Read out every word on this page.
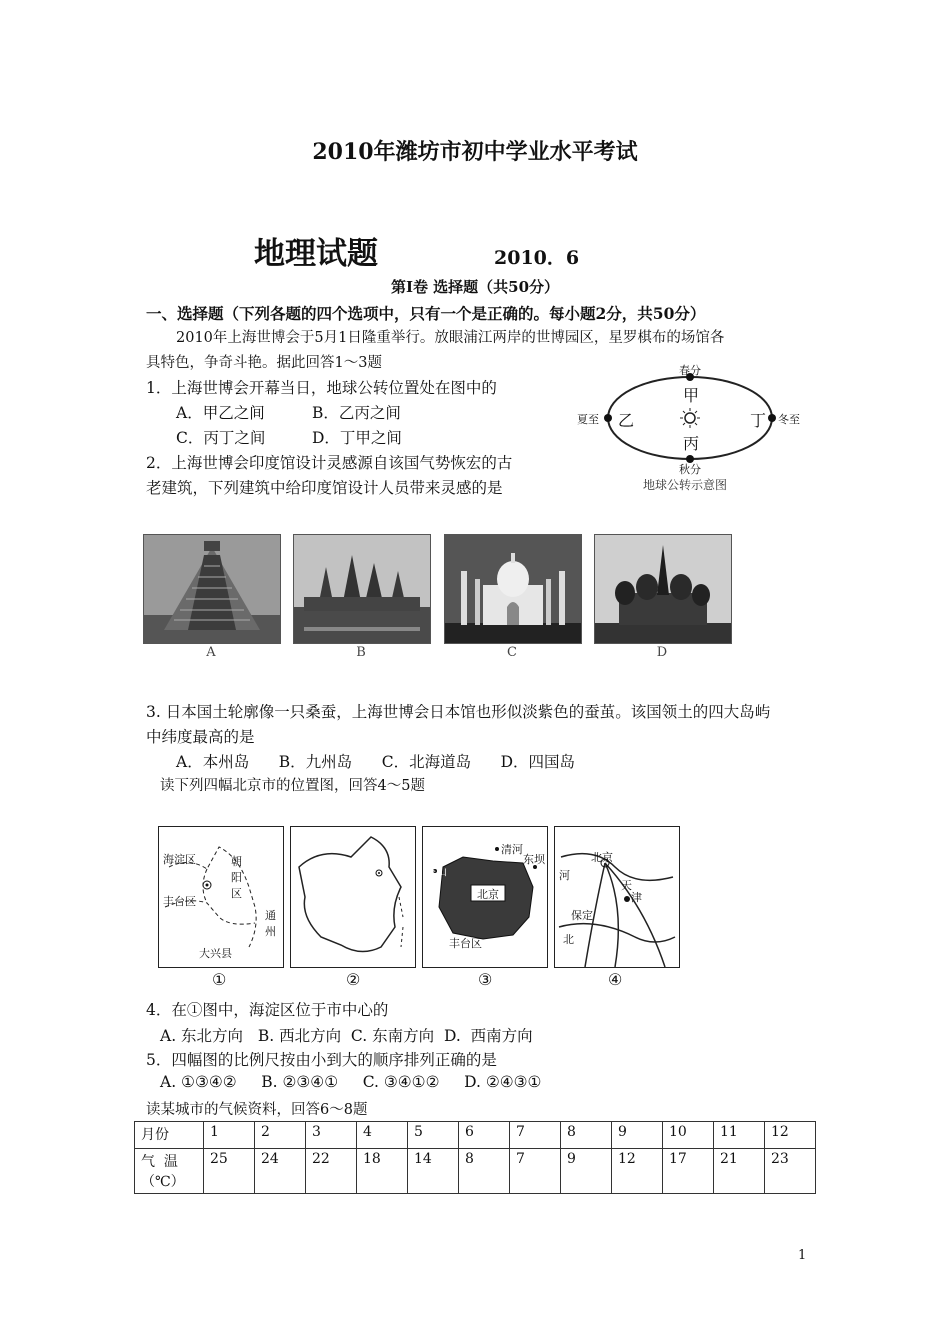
2010年潍坊市初中学业水平考试
地理试题	2010．6
第Ⅰ卷 选择题（共50分）
一、选择题（下列各题的四个选项中，只有一个是正确的。每小题2分，共50分）
2010年上海世博会于5月1日隆重举行。放眼浦江两岸的世博园区，星罗棋布的场馆各
具特色，争奇斗艳。据此回答1～3题
1．上海世博会开幕当日，地球公转位置处在图中的
A．甲乙之间	B．乙丙之间
C．丙丁之间	D．丁甲之间
春分
夏至
秋分
冬至
甲
丙
乙	丁
地球公转示意图
2．上海世博会印度馆设计灵感源自该国气势恢宏的古
老建筑，下列建筑中给印度馆设计人员带来灵感的是
A	B	C	D
3. 日本国土轮廓像一只桑蚕，上海世博会日本馆也形似淡紫色的蚕茧。该国领土的四大岛屿
中纬度最高的是
A．本州岛      B．九州岛      C．北海道岛      D．四国岛
读下列四幅北京市的位置图，回答4～5题
海淀区	朝阳区
丰台区
通州
大兴县
清河
东坝
香山
北京
丰台区
北京
河
天
津
保定
北
①	②	③	④
4．在①图中，海淀区位于市中心的
A. 东北方向   B. 西北方向  C. 东南方向  D.  西南方向
5．四幅图的比例尺按由小到大的顺序排列正确的是
A. ①③④②     B. ②③④①     C. ③④①②     D. ②④③①
读某城市的气候资料，回答6～8题
月份	1	2	3	4	5	6	7	8	9	10	11	12

气  温
（℃）	25	24	22	18	14	8	7	9	12	17	21	23
1
